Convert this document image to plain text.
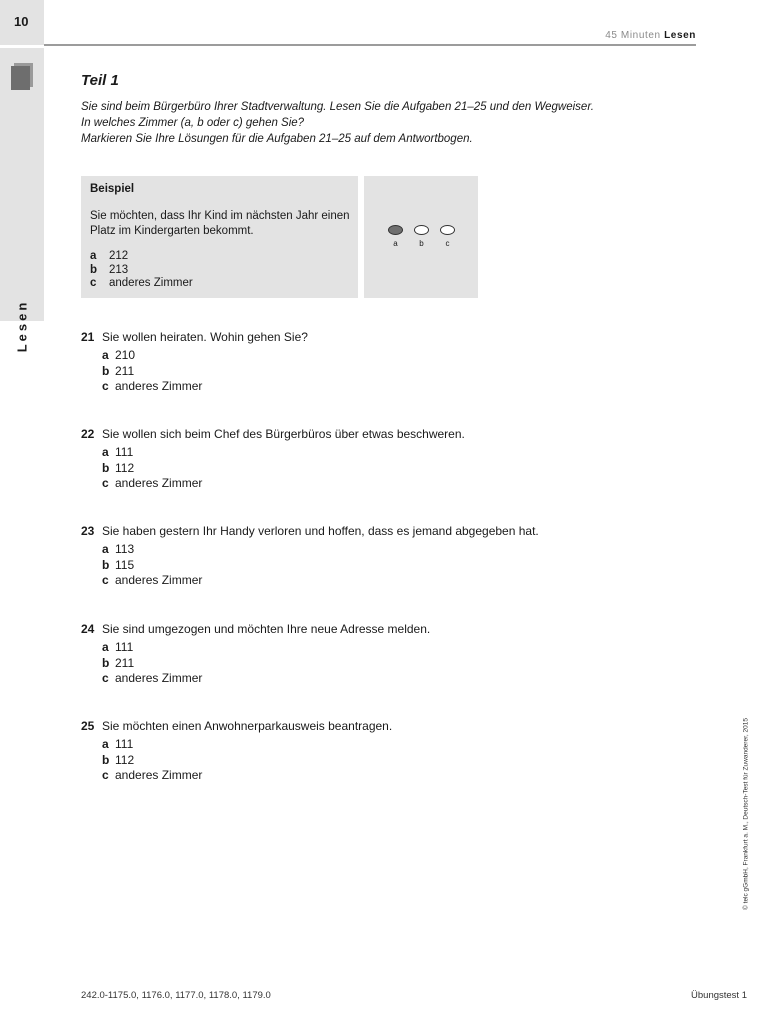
10
Lesen
45 Minuten Lesen
Teil 1
Sie sind beim Bürgerbüro Ihrer Stadtverwaltung. Lesen Sie die Aufgaben 21–25 und den Wegweiser.
In welches Zimmer (a, b oder c) gehen Sie?
Markieren Sie Ihre Lösungen für die Aufgaben 21–25 auf dem Antwortbogen.
Beispiel
Sie möchten, dass Ihr Kind im nächsten Jahr einen Platz im Kindergarten bekommt.
a 212
b 213
c anderes Zimmer
a	b	c
21 Sie wollen heiraten. Wohin gehen Sie?
a 210
b 211
c anderes Zimmer
22 Sie wollen sich beim Chef des Bürgerbüros über etwas beschweren.
a 111
b 112
c anderes Zimmer
23 Sie haben gestern Ihr Handy verloren und hoffen, dass es jemand abgegeben hat.
a 113
b 115
c anderes Zimmer
24 Sie sind umgezogen und möchten Ihre neue Adresse melden.
a 111
b 211
c anderes Zimmer
25 Sie möchten einen Anwohnerparkausweis beantragen.
a 111
b 112
c anderes Zimmer	© telc gGmbH, Frankfurt a. M., Deutsch-Test für Zuwanderer, 2015
242.0-1175.0, 1176.0, 1177.0, 1178.0, 1179.0	Übungstest 1
